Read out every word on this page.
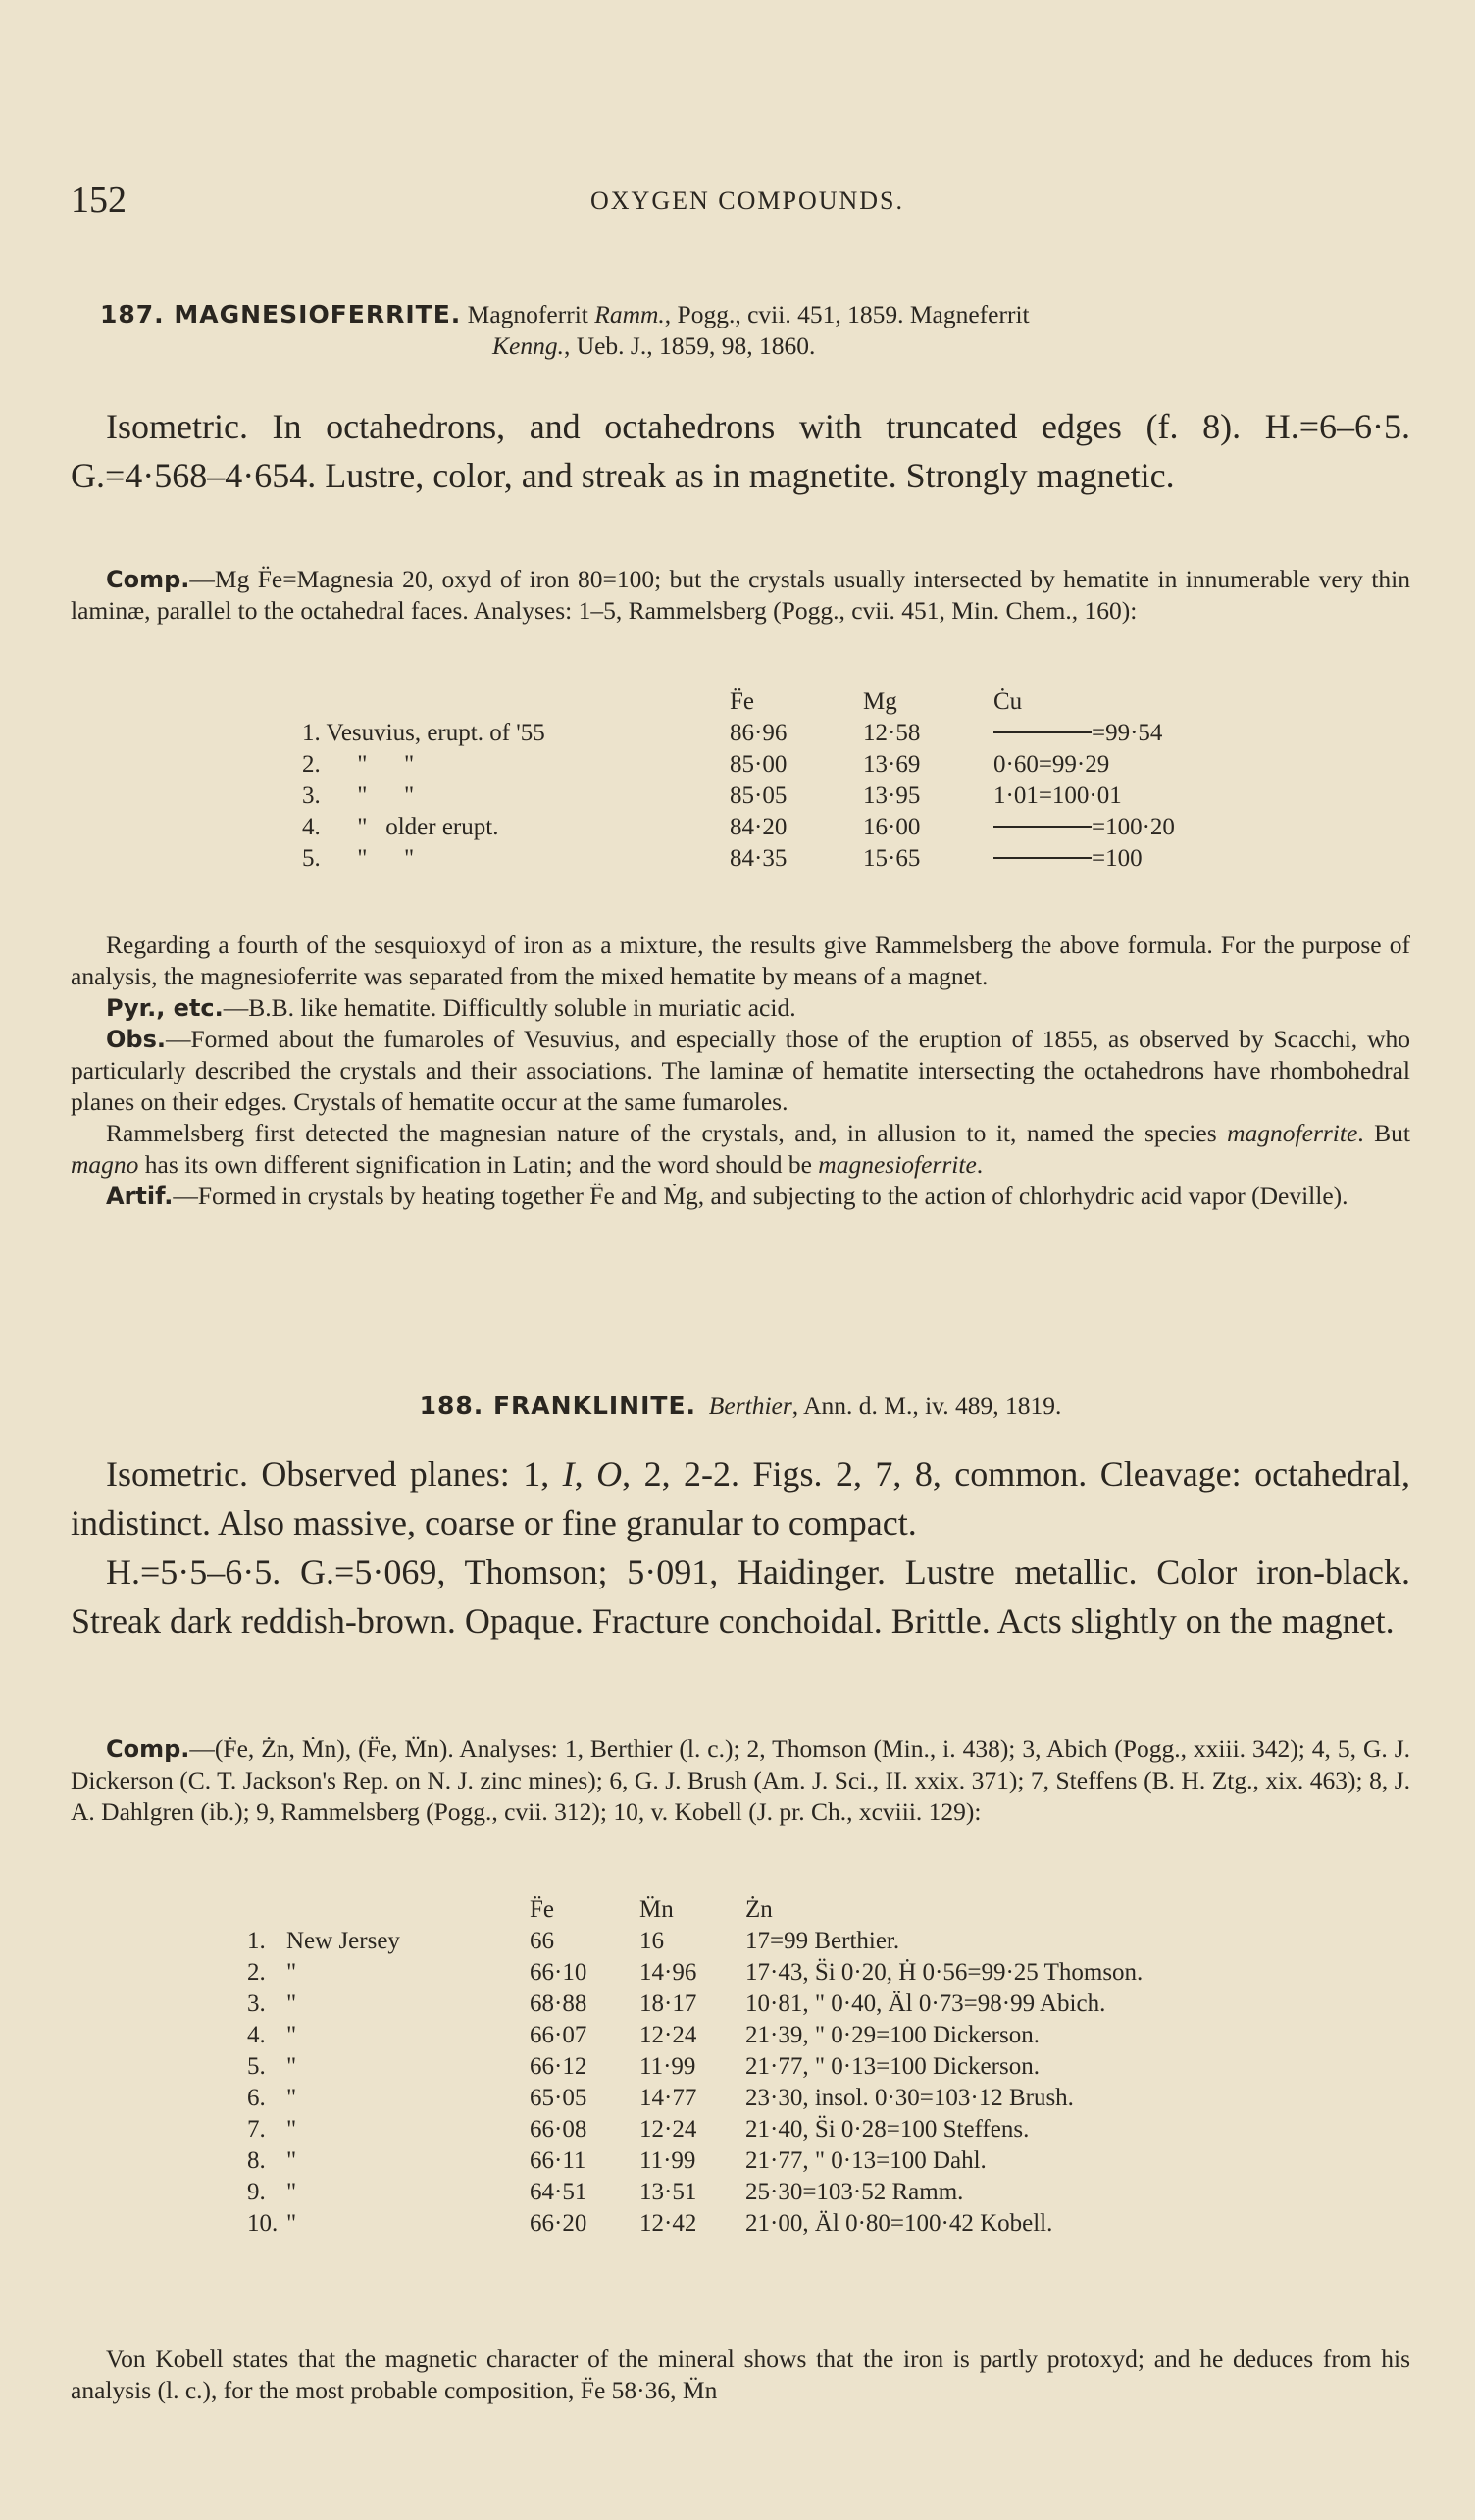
152	OXYGEN COMPOUNDS.

187. MAGNESIOFERRITE. Magnoferrit Ramm., Pogg., cvii. 451, 1859. Magneferrit

Kenng., Ueb. J., 1859, 98, 1860.

Isometric. In octahedrons, and octahedrons with truncated edges (f. 8). H.=6–6·5. G.=4·568–4·654. Lustre, color, and streak as in magnetite. Strongly magnetic.

Comp.—Mg F̈e=Magnesia 20, oxyd of iron 80=100; but the crystals usually intersected by hematite in innumerable very thin laminæ, parallel to the octahedral faces. Analyses: 1–5, Rammelsberg (Pogg., cvii. 451, Min. Chem., 160):

	F̈e	Mg	Ċu
1. Vesuvius, erupt. of '55	86·96	12·58	=99·54
2.      "      "	85·00	13·69	0·60=99·29
3.      "      "	85·05	13·95	1·01=100·01
4.      "   older erupt.	84·20	16·00	=100·20
5.      "      "	84·35	15·65	=100

Regarding a fourth of the sesquioxyd of iron as a mixture, the results give Rammelsberg the above formula. For the purpose of analysis, the magnesioferrite was separated from the mixed hematite by means of a magnet.

Pyr., etc.—B.B. like hematite. Difficultly soluble in muriatic acid.

Obs.—Formed about the fumaroles of Vesuvius, and especially those of the eruption of 1855, as observed by Scacchi, who particularly described the crystals and their associations. The laminæ of hematite intersecting the octahedrons have rhombohedral planes on their edges. Crystals of hematite occur at the same fumaroles.

Rammelsberg first detected the magnesian nature of the crystals, and, in allusion to it, named the species magnoferrite. But magno has its own different signification in Latin; and the word should be magnesioferrite.

Artif.—Formed in crystals by heating together F̈e and Ṁg, and subjecting to the action of chlorhydric acid vapor (Deville).

188. FRANKLINITE. Berthier, Ann. d. M., iv. 489, 1819.

Isometric. Observed planes: 1, I, O, 2, 2-2. Figs. 2, 7, 8, common. Cleavage: octahedral, indistinct. Also massive, coarse or fine granular to compact.

H.=5·5–6·5. G.=5·069, Thomson; 5·091, Haidinger. Lustre metallic. Color iron-black. Streak dark reddish-brown. Opaque. Fracture conchoidal. Brittle. Acts slightly on the magnet.

Comp.—(Ḟe, Żn, Ṁn), (F̈e, M̈n). Analyses: 1, Berthier (l. c.); 2, Thomson (Min., i. 438); 3, Abich (Pogg., xxiii. 342); 4, 5, G. J. Dickerson (C. T. Jackson's Rep. on N. J. zinc mines); 6, G. J. Brush (Am. J. Sci., II. xxix. 371); 7, Steffens (B. H. Ztg., xix. 463); 8, J. A. Dahlgren (ib.); 9, Rammelsberg (Pogg., cvii. 312); 10, v. Kobell (J. pr. Ch., xcviii. 129):

		F̈e	M̈n	Żn
1.	New Jersey	66	16	17=99 Berthier.
2.	"	66·10	14·96	17·43, S̈i 0·20, Ḣ 0·56=99·25 Thomson.
3.	"	68·88	18·17	10·81, " 0·40, Äl 0·73=98·99 Abich.
4.	"	66·07	12·24	21·39, " 0·29=100 Dickerson.
5.	"	66·12	11·99	21·77, " 0·13=100 Dickerson.
6.	"	65·05	14·77	23·30, insol. 0·30=103·12 Brush.
7.	"	66·08	12·24	21·40, S̈i 0·28=100 Steffens.
8.	"	66·11	11·99	21·77, " 0·13=100 Dahl.
9.	"	64·51	13·51	25·30=103·52 Ramm.
10.	"	66·20	12·42	21·00, Äl 0·80=100·42 Kobell.
Von Kobell states that the magnetic character of the mineral shows that the iron is partly protoxyd; and he deduces from his analysis (l. c.), for the most probable composition, F̈e 58·36, M̈n
